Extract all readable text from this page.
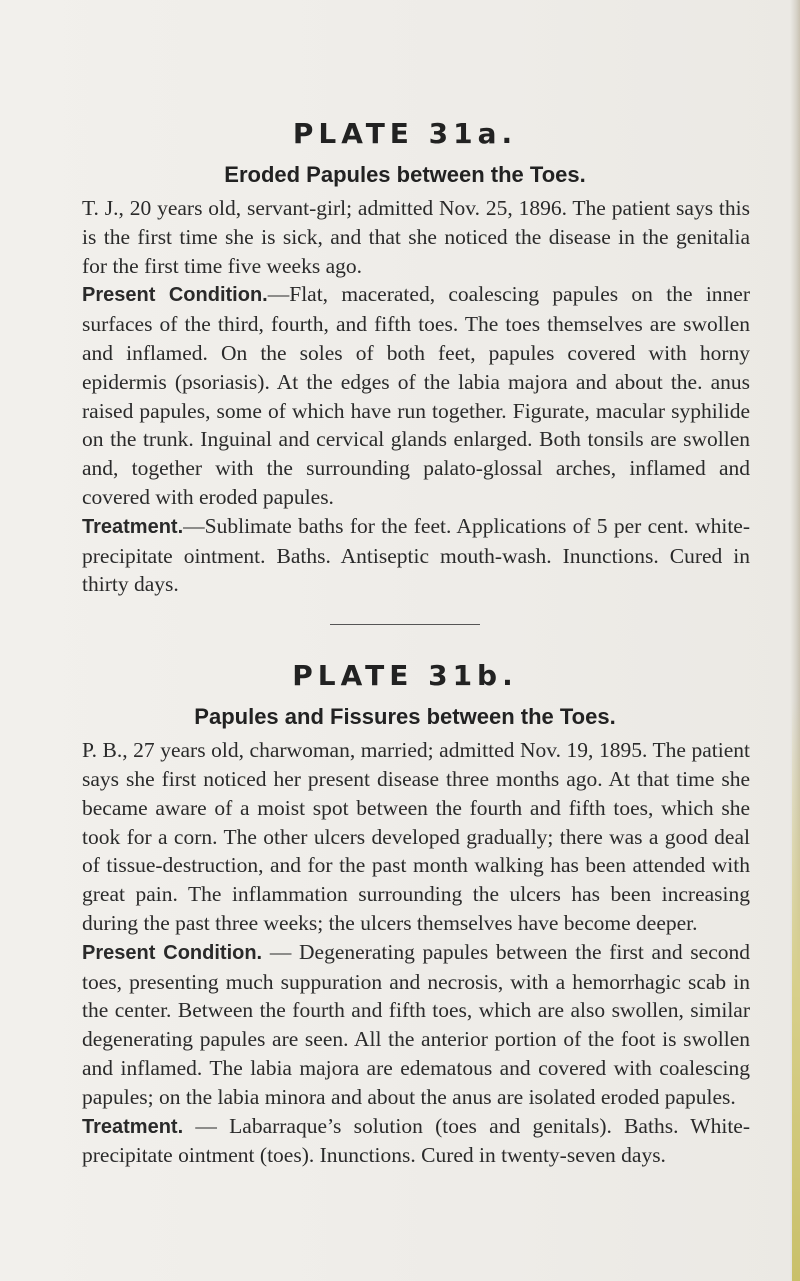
PLATE 31a.
Eroded Papules between the Toes.

T. J., 20 years old, servant-girl; admitted Nov. 25, 1896. The patient says this is the first time she is sick, and that she noticed the disease in the genitalia for the first time five weeks ago.

Present Condition.—Flat, macerated, coalescing papules on the inner surfaces of the third, fourth, and fifth toes. The toes themselves are swollen and inflamed. On the soles of both feet, papules covered with horny epidermis (psoriasis). At the edges of the labia majora and about the. anus raised papules, some of which have run together. Figurate, macular syphilide on the trunk. Inguinal and cervical glands enlarged. Both tonsils are swollen and, together with the surrounding palato-glossal arches, inflamed and covered with eroded papules.

Treatment.—Sublimate baths for the feet. Applications of 5 per cent. white-precipitate ointment. Baths. Antiseptic mouth-wash. Inunctions. Cured in thirty days.

PLATE 31b.
Papules and Fissures between the Toes.

P. B., 27 years old, charwoman, married; admitted Nov. 19, 1895. The patient says she first noticed her present disease three months ago. At that time she became aware of a moist spot between the fourth and fifth toes, which she took for a corn. The other ulcers developed gradually; there was a good deal of tissue-destruction, and for the past month walking has been attended with great pain. The inflammation surrounding the ulcers has been increasing during the past three weeks; the ulcers themselves have become deeper.

Present Condition. — Degenerating papules between the first and second toes, presenting much suppuration and necrosis, with a hemorrhagic scab in the center. Between the fourth and fifth toes, which are also swollen, similar degenerating papules are seen. All the anterior portion of the foot is swollen and inflamed. The labia majora are edematous and covered with coalescing papules; on the labia minora and about the anus are isolated eroded papules.

Treatment. — Labarraque’s solution (toes and genitals). Baths. White-precipitate ointment (toes). Inunctions. Cured in twenty-seven days.
